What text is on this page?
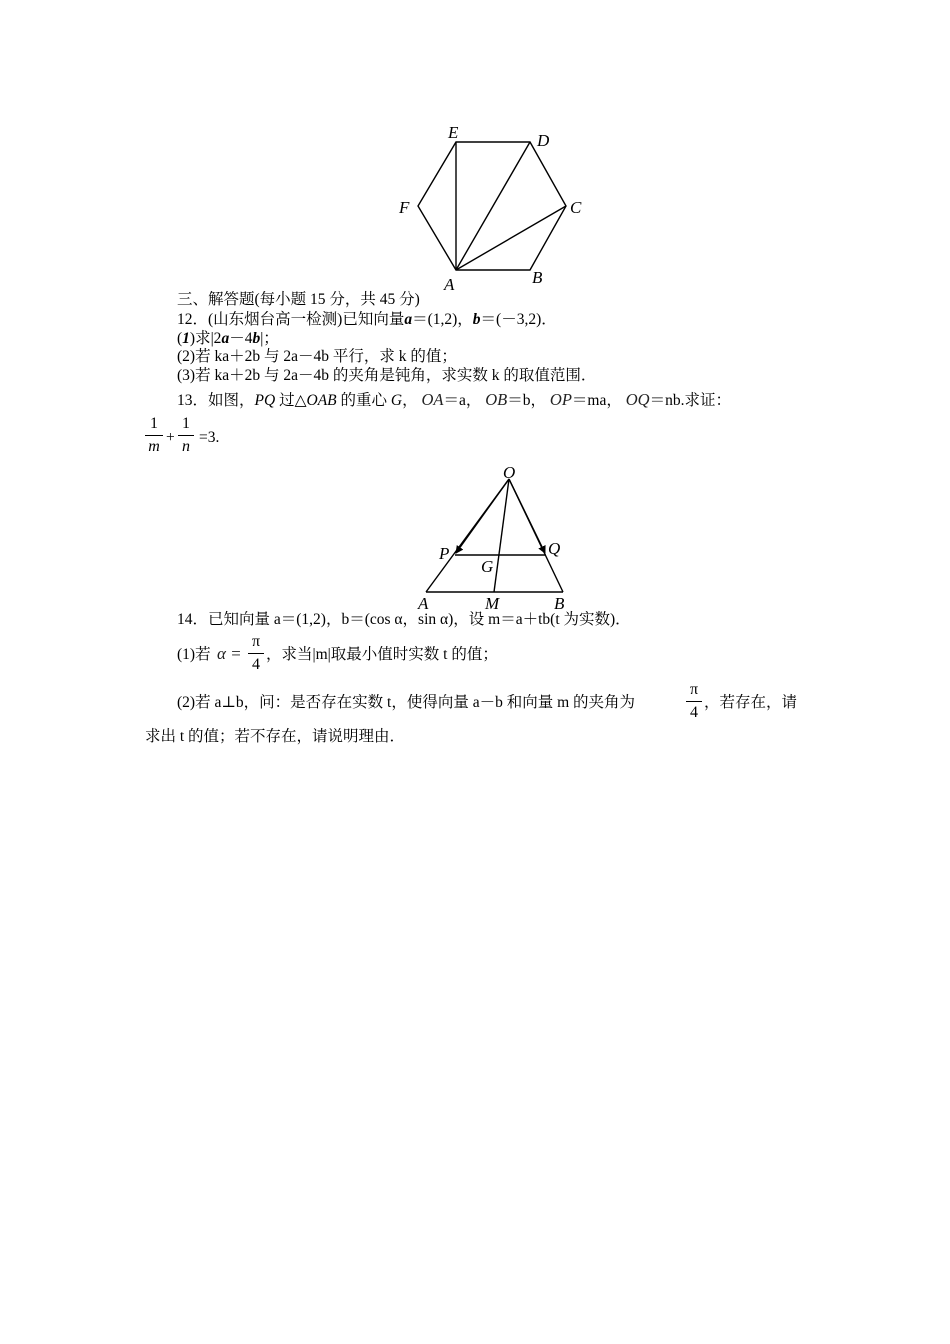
E	D
F	C
A	B
三、解答题(每小题 15 分，共 45 分)
12．(山东烟台高一检测)已知向量a＝(1,2)，b＝(－3,2)．
(1)求|2a－4b|；
(2)若 ka＋2b 与 2a－4b 平行，求 k 的值；
(3)若 ka＋2b 与 2a－4b 的夹角是钝角，求实数 k 的取值范围．
13．如图，PQ 过△OAB 的重心 G， OA＝a， OB＝b， OP＝ma， OQ＝nb.求证：
1
m
+
1
n
=3.
O
P	Q
G
A	M	B
14．已知向量 a＝(1,2)，b＝(cos α，sin α)，设 m＝a＋tb(t 为实数)．
(1)若 α =
π
4
，求当|m|取最小值时实数 t 的值；
(2)若 a⊥b，问：是否存在实数 t，使得向量 a－b 和向量 m 的夹角为
π
4
，若存在，请
求出 t 的值；若不存在，请说明理由．
